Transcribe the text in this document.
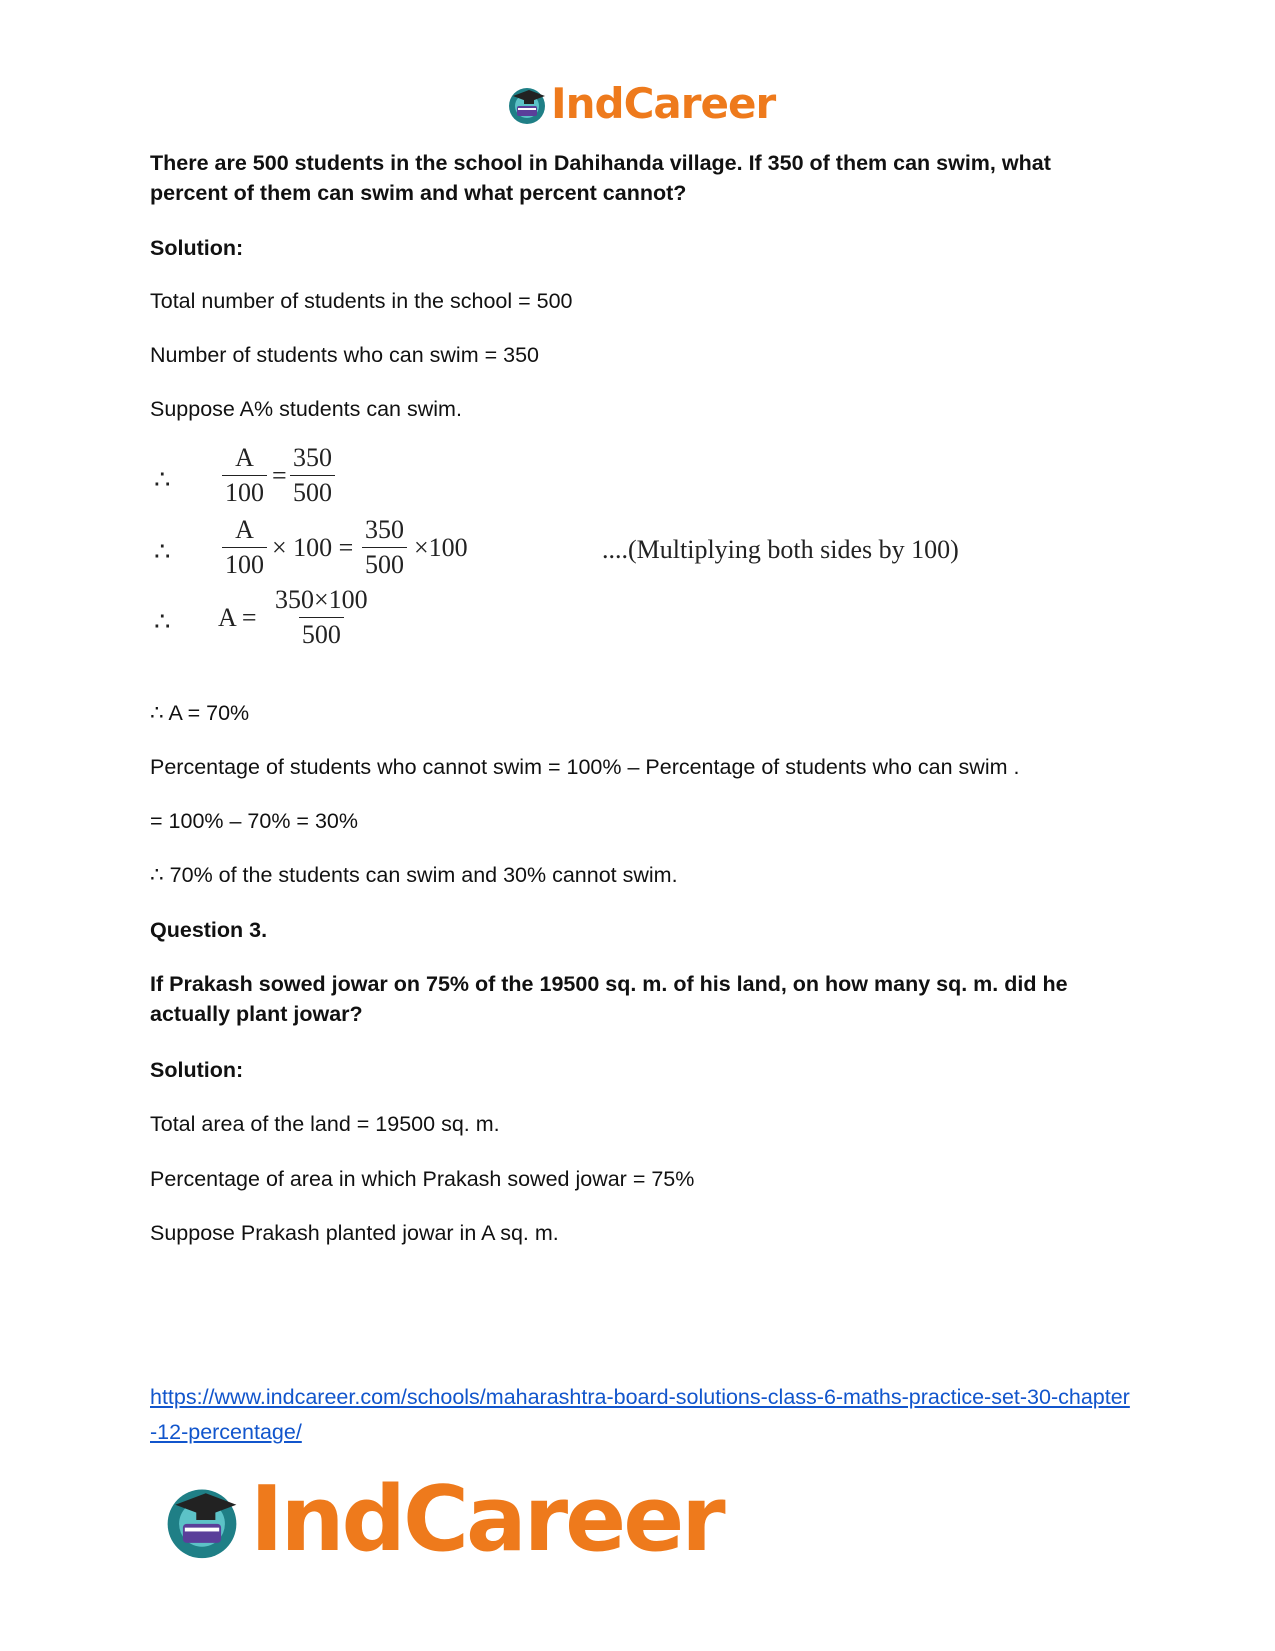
IndCareer

There are 500 students in the school in Dahihanda village. If 350 of them can swim, what percent of them can swim and what percent cannot?

Solution:

Total number of students in the school = 500

Number of students who can swim = 350

Suppose A% students can swim.

∴ $\frac{A}{100} = \frac{350}{500}$
∴ $\frac{A}{100} \times 100 = \frac{350}{500} \times 100$	....(Multiplying both sides by 100)
∴ $A = \frac{350\times 100}{500}$

∴ A = 70%

Percentage of students who cannot swim = 100% – Percentage of students who can swim .

= 100% – 70% = 30%

∴ 70% of the students can swim and 30% cannot swim.

Question 3.

If Prakash sowed jowar on 75% of the 19500 sq. m. of his land, on how many sq. m. did he actually plant jowar?

Solution:

Total area of the land = 19500 sq. m.

Percentage of area in which Prakash sowed jowar = 75%

Suppose Prakash planted jowar in A sq. m.

https://www.indcareer.com/schools/maharashtra-board-solutions-class-6-maths-practice-set-30-chapter-12-percentage/
IndCareer
